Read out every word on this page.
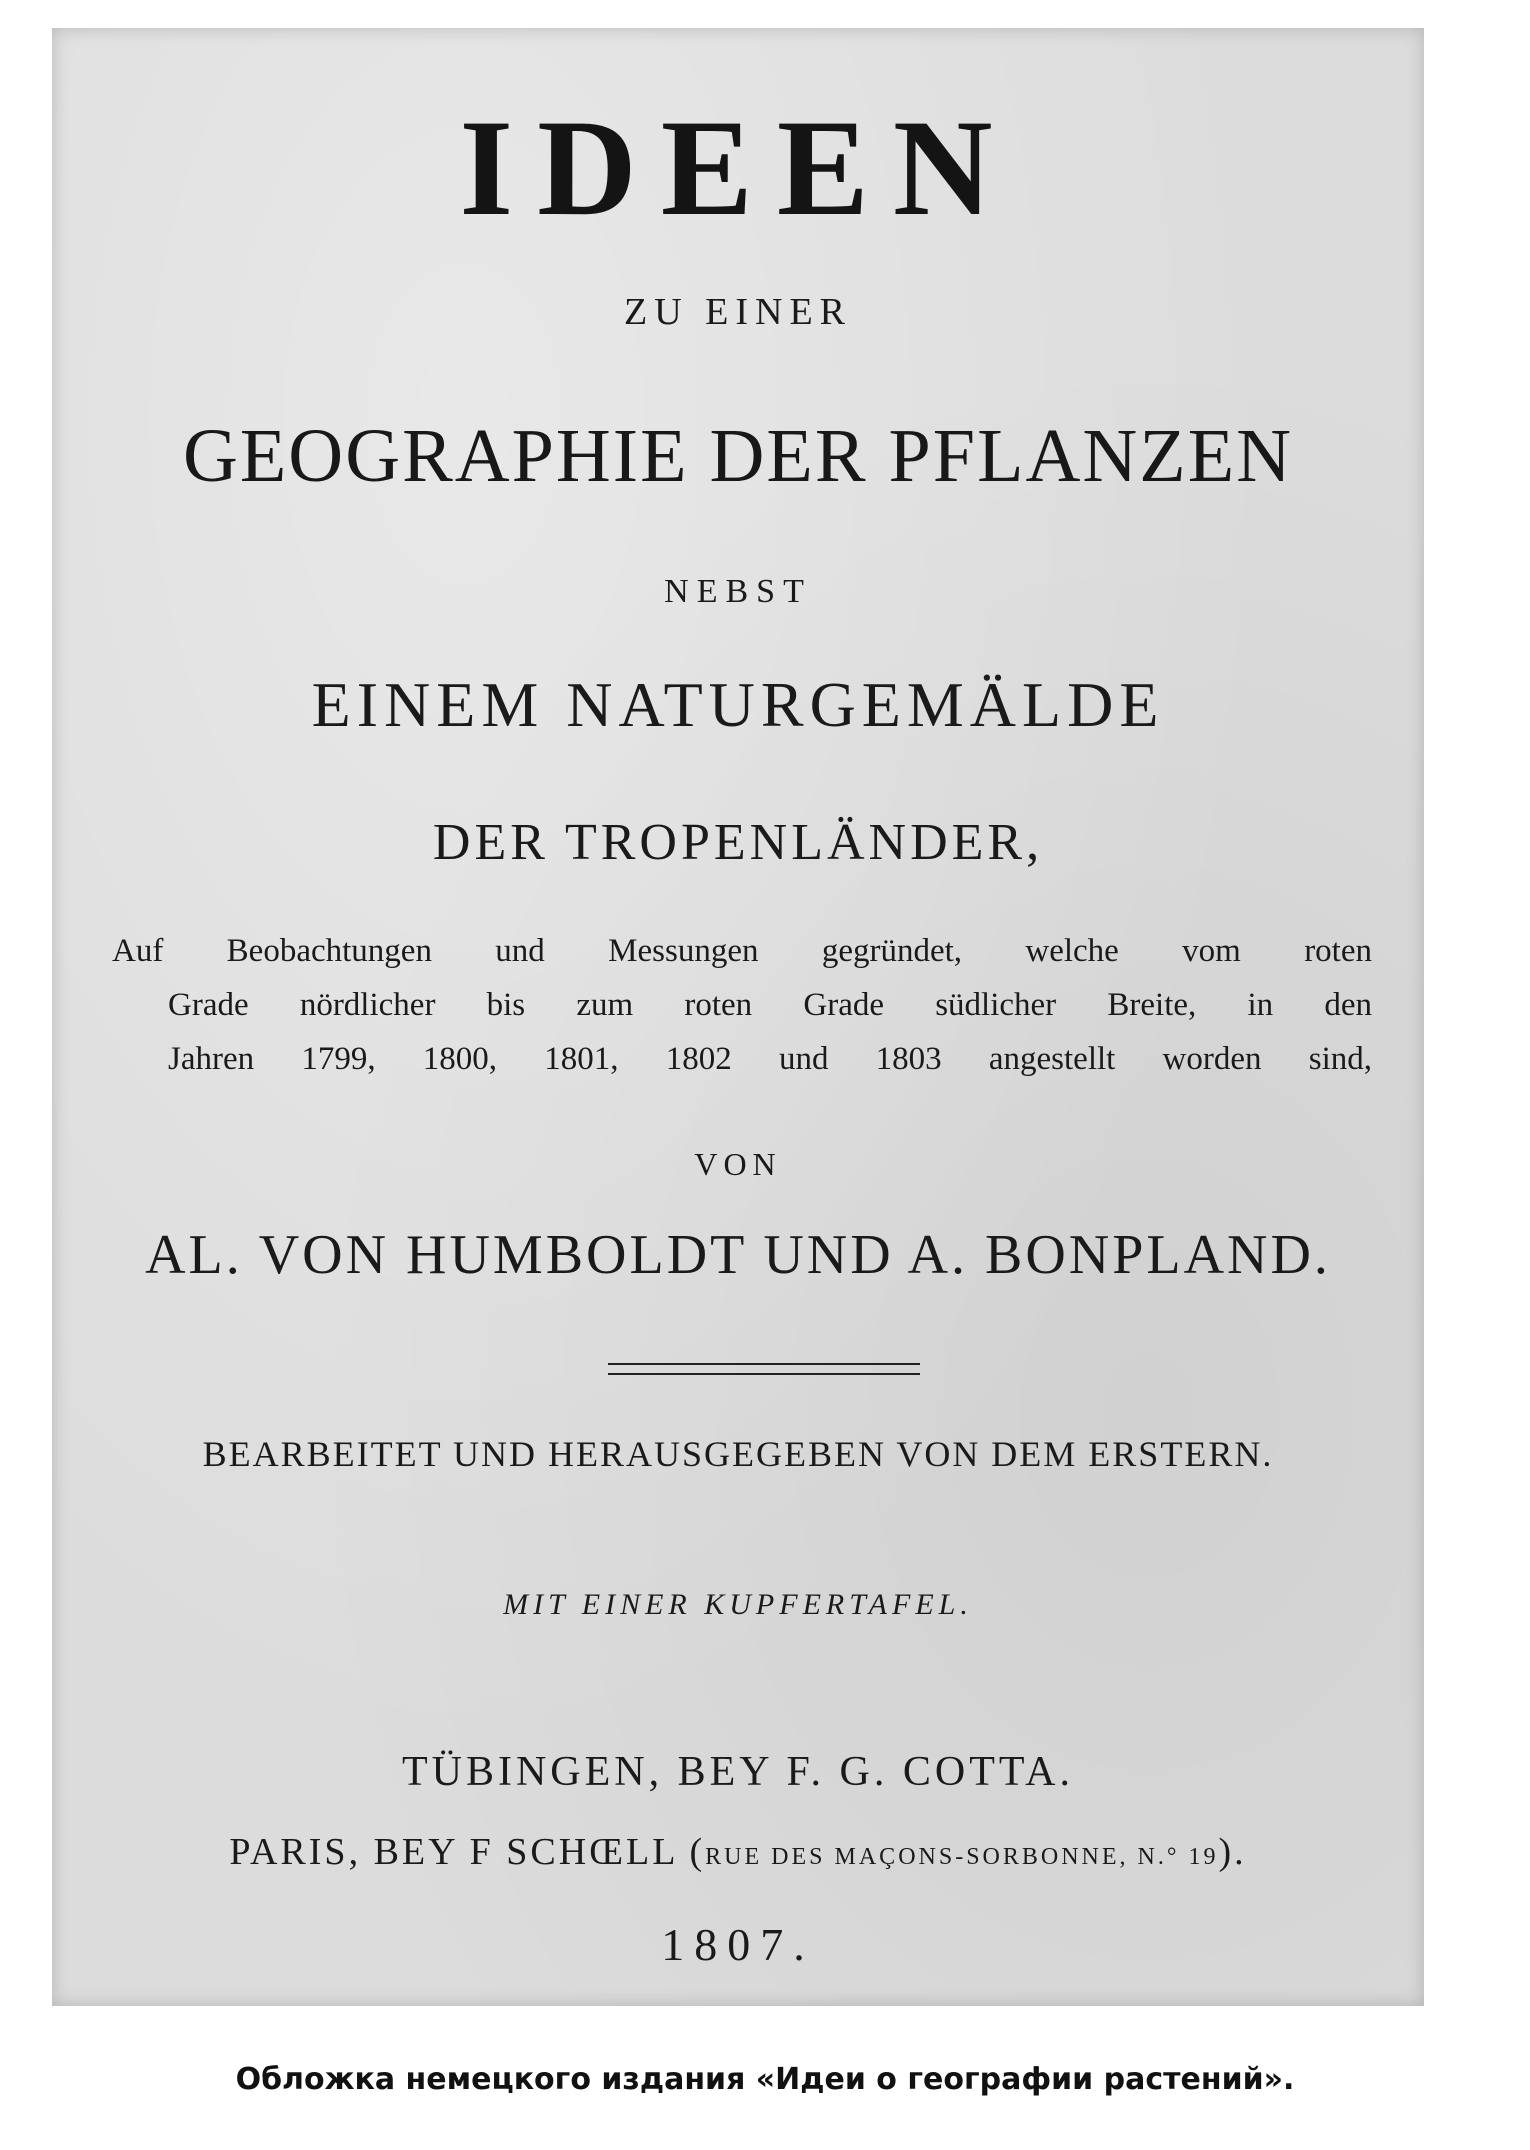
IDEEN
ZU EINER
GEOGRAPHIE DER PFLANZEN
NEBST
EINEM NATURGEMÄLDE
DER TROPENLÄNDER,
Auf Beobachtungen und Messungen gegründet, welche vom roten
Grade nördlicher bis zum roten Grade südlicher Breite, in den
Jahren 1799, 1800, 1801, 1802 und 1803 angestellt worden sind,
VON
AL. VON HUMBOLDT UND A. BONPLAND.
BEARBEITET UND HERAUSGEGEBEN VON DEM ERSTERN.
MIT EINER KUPFERTAFEL.
TÜBINGEN, BEY F. G. COTTA.
PARIS, BEY F SCHŒLL (RUE DES MAÇONS-SORBONNE, N.° 19).
1807.
Обложка немецкого издания «Идеи о географии растений».
